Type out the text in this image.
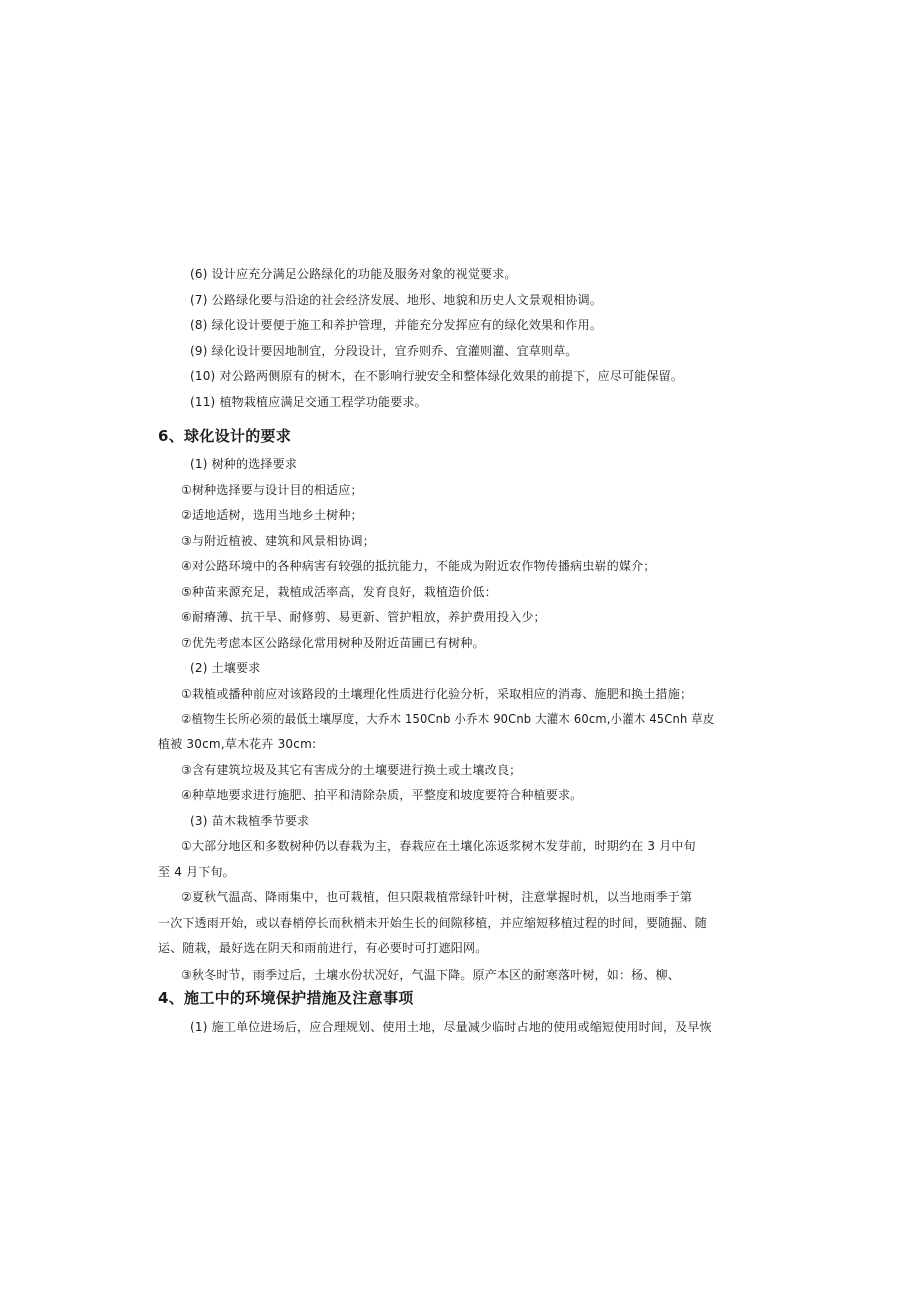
(6) 设计应充分满足公路绿化的功能及服务对象的视觉要求。
(7) 公路绿化要与沿途的社会经济发展、地形、地貌和历史人文景观相协调。
(8) 绿化设计要便于施工和养护管理，并能充分发挥应有的绿化效果和作用。
(9) 绿化设计要因地制宜，分段设计，宜乔则乔、宜灌则灌、宜草则草。
(10) 对公路两侧原有的树木，在不影响行驶安全和整体绿化效果的前提下，应尽可能保留。
(11) 植物栽植应满足交通工程学功能要求。
6、球化设计的要求
(1) 树种的选择要求
①树种选择要与设计目的相适应；
②适地适树，选用当地乡土树种；
③与附近植被、建筑和风景相协调；
④对公路环境中的各种病害有较强的抵抗能力，不能成为附近农作物传播病虫崭的媒介；
⑤种苗来源充足，栽植成活率高，发育良好，栽植造价低：
⑥耐瘠薄、抗干旱、耐修剪、易更新、管护粗放，养护费用投入少；
⑦优先考虑本区公路绿化常用树种及附近苗圃已有树种。
(2) 土壤要求
①栽植或播种前应对该路段的土壤理化性质进行化验分析，采取相应的消毒、施肥和换土措施；
②植物生长所必须的最低土壤厚度，大乔木 150Cnb 小乔木 90Cnb 大灌木 60cm,小灌木 45Cnh 草皮
植被 30cm,草木花卉 30cm:
③含有建筑垃圾及其它有害成分的土壤要进行换土或土壤改良；
④种草地要求进行施肥、拍平和清除杂质，平整度和坡度要符合种植要求。
(3) 苗木栽植季节要求
①大部分地区和多数树种仍以春栽为主，春栽应在土壤化冻返浆树木发芽前，时期约在 3 月中旬
至 4 月下旬。
②夏秋气温高、降雨集中，也可栽植，但只限栽植常绿针叶树，注意掌握时机，以当地雨季于第
一次下透雨开始，或以春梢停长而秋梢未开始生长的间隙移植，并应缩短移植过程的时间，要随掘、随
运、随栽，最好选在阴天和雨前进行，有必要时可打遮阳网。
③秋冬时节，雨季过后，土壤水份状况好，气温下降。原产本区的耐寒落叶树，如：杨、柳、
4、施工中的环境保护措施及注意事项
(1) 施工单位进场后，应合理规划、使用土地，尽量减少临时占地的使用或缩短使用时间，及早恢
